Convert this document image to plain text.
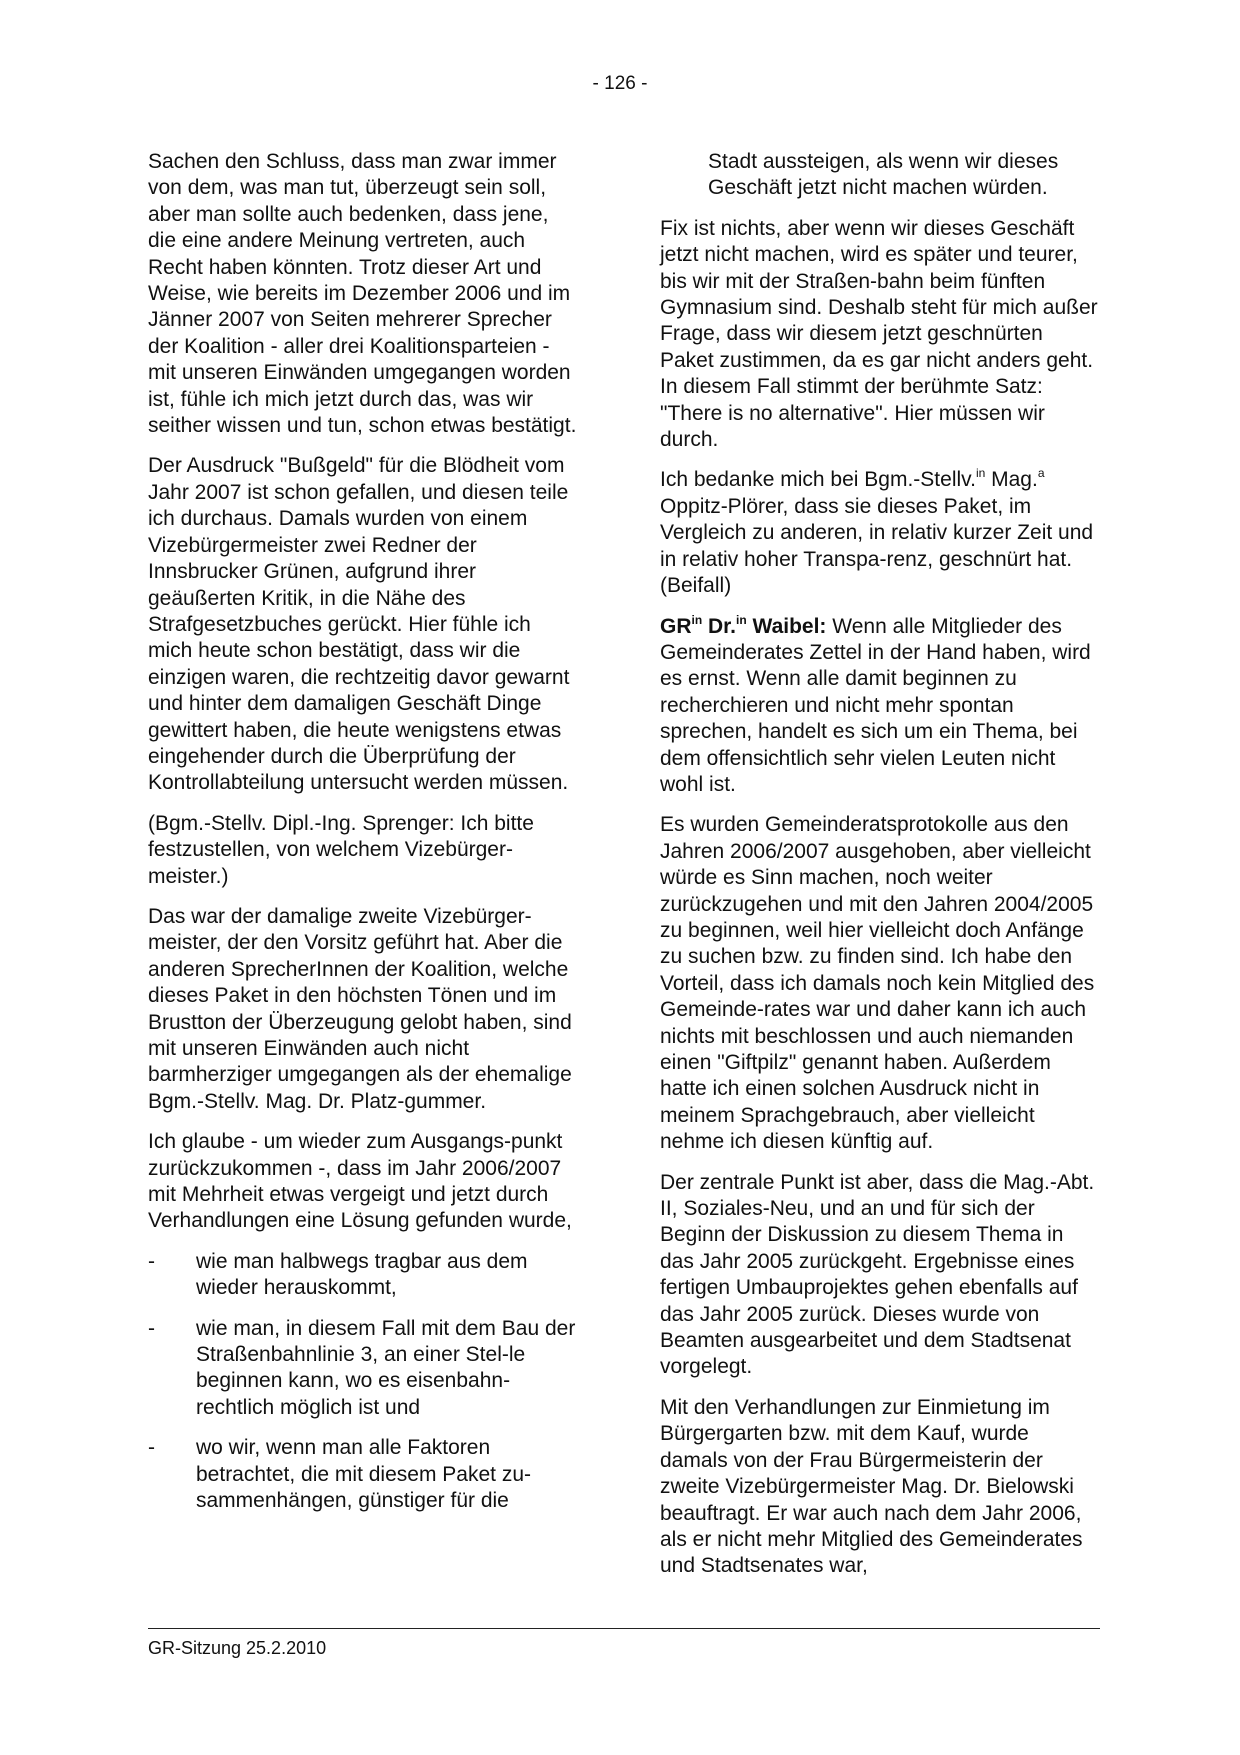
- 126 -

Sachen den Schluss, dass man zwar immer von dem, was man tut, überzeugt sein soll, aber man sollte auch bedenken, dass jene, die eine andere Meinung vertreten, auch Recht haben könnten. Trotz dieser Art und Weise, wie bereits im Dezember 2006 und im Jänner 2007 von Seiten mehrerer Sprecher der Koalition - aller drei Koalitionsparteien - mit unseren Einwänden umgegangen worden ist, fühle ich mich jetzt durch das, was wir seither wissen und tun, schon etwas bestätigt.

Der Ausdruck "Bußgeld" für die Blödheit vom Jahr 2007 ist schon gefallen, und diesen teile ich durchaus. Damals wurden von einem Vizebürgermeister zwei Redner der Innsbrucker Grünen, aufgrund ihrer geäußerten Kritik, in die Nähe des Strafgesetzbuches gerückt. Hier fühle ich mich heute schon bestätigt, dass wir die einzigen waren, die rechtzeitig davor gewarnt und hinter dem damaligen Geschäft Dinge gewittert haben, die heute wenigstens etwas eingehender durch die Überprüfung der Kontrollabteilung untersucht werden müssen.

(Bgm.-Stellv. Dipl.-Ing. Sprenger: Ich bitte festzustellen, von welchem Vizebürger-meister.)

Das war der damalige zweite Vizebürger-meister, der den Vorsitz geführt hat. Aber die anderen SprecherInnen der Koalition, welche dieses Paket in den höchsten Tönen und im Brustton der Überzeugung gelobt haben, sind mit unseren Einwänden auch nicht barmherziger umgegangen als der ehemalige Bgm.-Stellv. Mag. Dr. Platz-gummer.

Ich glaube - um wieder zum Ausgangs-punkt zurückzukommen -, dass im Jahr 2006/2007 mit Mehrheit etwas vergeigt und jetzt durch Verhandlungen eine Lösung gefunden wurde,

- wie man halbwegs tragbar aus dem wieder herauskommt,
- wie man, in diesem Fall mit dem Bau der Straßenbahnlinie 3, an einer Stel-le beginnen kann, wo es eisenbahn-rechtlich möglich ist und
- wo wir, wenn man alle Faktoren betrachtet, die mit diesem Paket zu-sammenhängen, günstiger für die

Stadt aussteigen, als wenn wir dieses Geschäft jetzt nicht machen würden.

Fix ist nichts, aber wenn wir dieses Geschäft jetzt nicht machen, wird es später und teurer, bis wir mit der Straßen-bahn beim fünften Gymnasium sind. Deshalb steht für mich außer Frage, dass wir diesem jetzt geschnürten Paket zustimmen, da es gar nicht anders geht. In diesem Fall stimmt der berühmte Satz: "There is no alternative". Hier müssen wir durch.

Ich bedanke mich bei Bgm.-Stellv.$^{in}$ Mag.$^a$ Oppitz-Plörer, dass sie dieses Paket, im Vergleich zu anderen, in relativ kurzer Zeit und in relativ hoher Transpa-renz, geschnürt hat. (Beifall)

$GR^{in}$ Dr.$^{in}$ Waibel: Wenn alle Mitglieder des Gemeinderates Zettel in der Hand haben, wird es ernst. Wenn alle damit beginnen zu recherchieren und nicht mehr spontan sprechen, handelt es sich um ein Thema, bei dem offensichtlich sehr vielen Leuten nicht wohl ist.

Es wurden Gemeinderatsprotokolle aus den Jahren 2006/2007 ausgehoben, aber vielleicht würde es Sinn machen, noch weiter zurückzugehen und mit den Jahren 2004/2005 zu beginnen, weil hier vielleicht doch Anfänge zu suchen bzw. zu finden sind. Ich habe den Vorteil, dass ich damals noch kein Mitglied des Gemeinde-rates war und daher kann ich auch nichts mit beschlossen und auch niemanden einen "Giftpilz" genannt haben. Außerdem hatte ich einen solchen Ausdruck nicht in meinem Sprachgebrauch, aber vielleicht nehme ich diesen künftig auf.

Der zentrale Punkt ist aber, dass die Mag.-Abt. II, Soziales-Neu, und an und für sich der Beginn der Diskussion zu diesem Thema in das Jahr 2005 zurückgeht. Ergebnisse eines fertigen Umbauprojektes gehen ebenfalls auf das Jahr 2005 zurück. Dieses wurde von Beamten ausgearbeitet und dem Stadtsenat vorgelegt.

Mit den Verhandlungen zur Einmietung im Bürgergarten bzw. mit dem Kauf, wurde damals von der Frau Bürgermeisterin der zweite Vizebürgermeister Mag. Dr. Bielowski beauftragt. Er war auch nach dem Jahr 2006, als er nicht mehr Mitglied des Gemeinderates und Stadtsenates war,

GR-Sitzung 25.2.2010
